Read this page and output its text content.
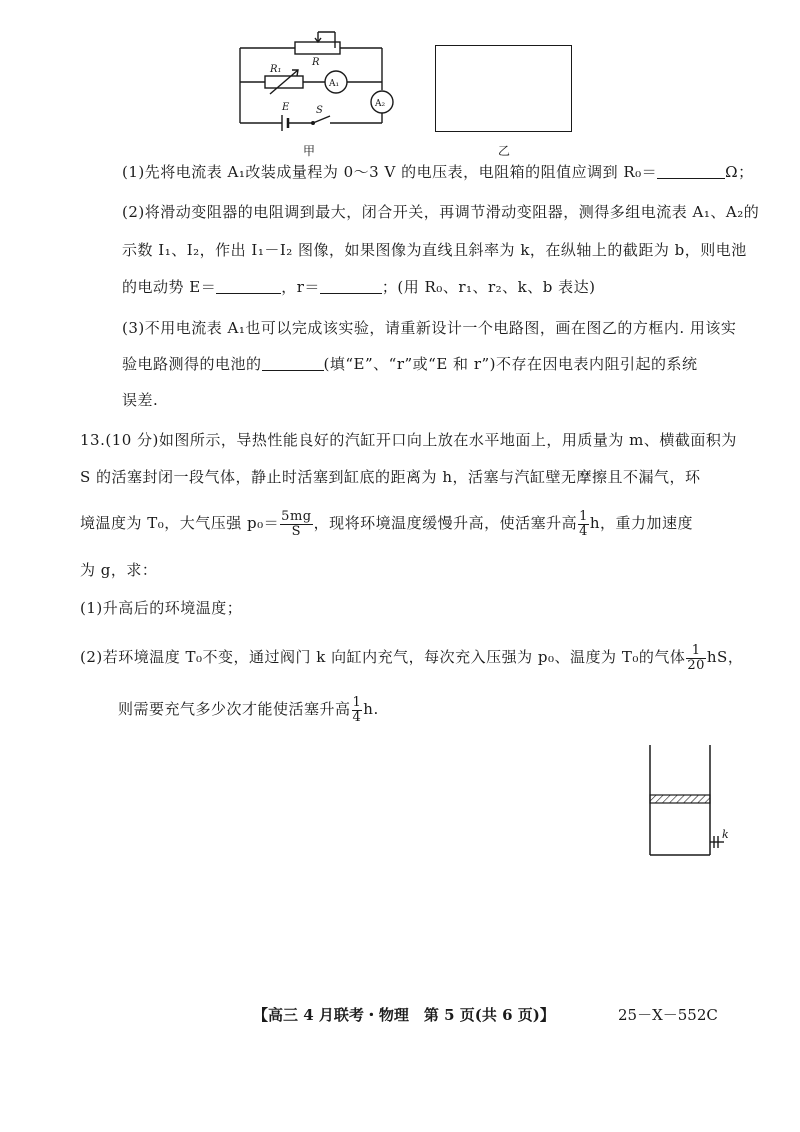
R
R₁
A₁
A₂
E	S
甲	乙
(1)先将电流表 A₁改装成量程为 0～3 V 的电压表，电阻箱的阻值应调到 R₀＝	Ω；
(2)将滑动变阻器的电阻调到最大，闭合开关，再调节滑动变阻器，测得多组电流表 A₁、A₂的
示数 I₁、I₂，作出 I₁－I₂ 图像，如果图像为直线且斜率为 k，在纵轴上的截距为 b，则电池
的电动势 E＝	，r＝	；(用 R₀、r₁、r₂、k、b 表达)
(3)不用电流表 A₁也可以完成该实验，请重新设计一个电路图，画在图乙的方框内. 用该实
验电路测得的电池的	(填“E”、“r”或“E 和 r”)不存在因电表内阻引起的系统
误差.
13.(10 分)如图所示，导热性能良好的汽缸开口向上放在水平地面上，用质量为 m、横截面积为
S 的活塞封闭一段气体，静止时活塞到缸底的距离为 h，活塞与汽缸壁无摩擦且不漏气，环
境温度为 T₀，大气压强 $p_0= \frac{5mg}{S}$ ，现将环境温度缓慢升高，使活塞升高 $\frac{1}{4}$ h，重力加速度
为 g，求：
(1)升高后的环境温度；
(2)若环境温度 T₀不变，通过阀门 k 向缸内充气，每次充入压强为 p₀、温度为 T₀的气体 $\frac{1}{20}$ hS，
则需要充气多少次才能使活塞升高 $\frac{1}{4} h$.
k
【高三 4 月联考・物理　第 5 页(共 6 页)】	25－X－552C
